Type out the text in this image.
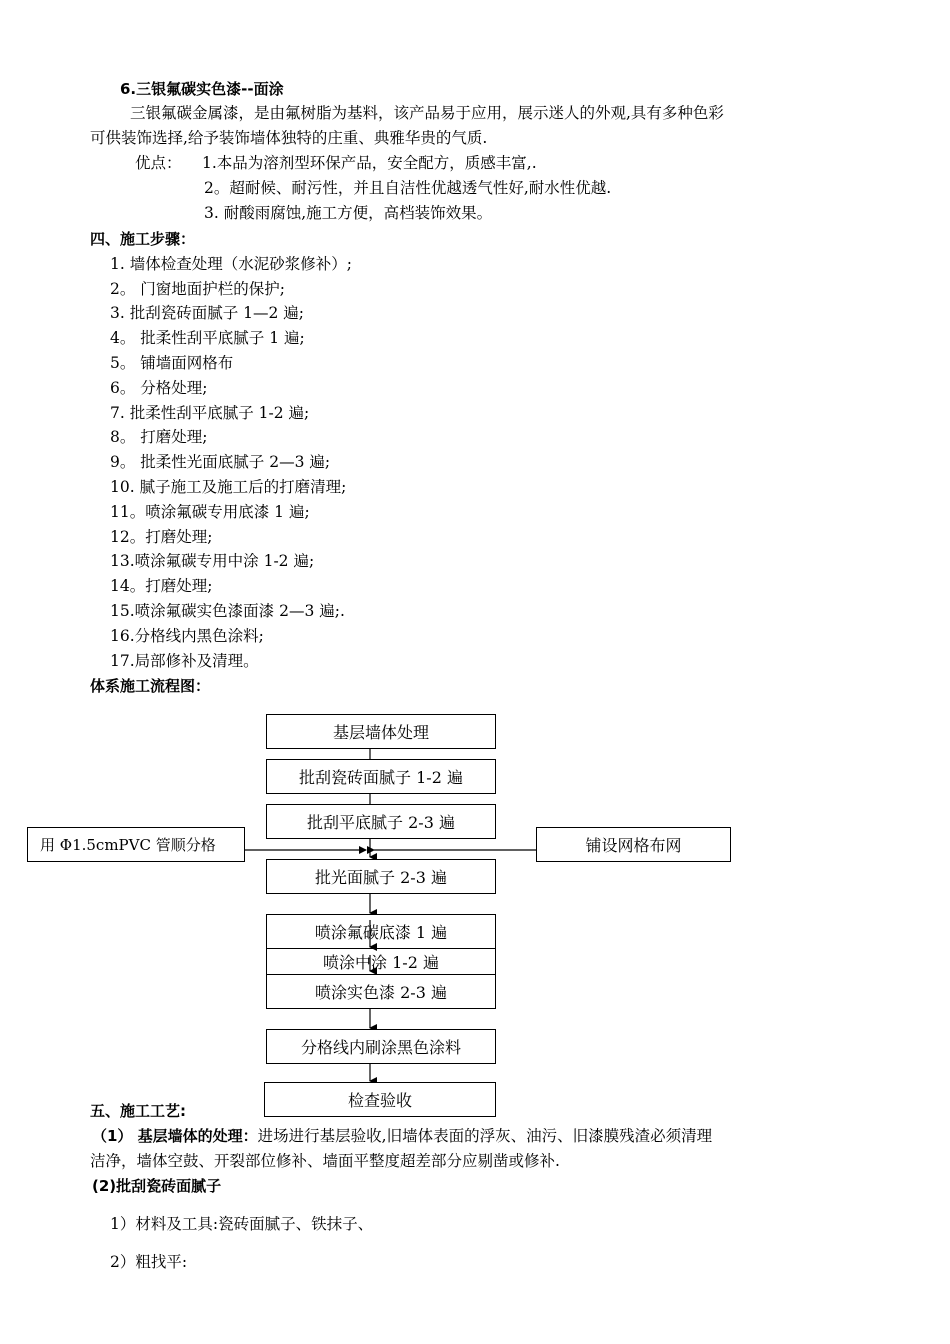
6.三银氟碳实色漆--面涂
三银氟碳金属漆，是由氟树脂为基料，该产品易于应用，展示迷人的外观,具有多种色彩
可供装饰选择,给予装饰墙体独特的庄重、典雅华贵的气质.
优点： 1.本品为溶剂型环保产品，安全配方，质感丰富,.
2。超耐候、耐污性，并且自洁性优越透气性好,耐水性优越.
3. 耐酸雨腐蚀,施工方便，高档装饰效果。
四、施工步骤：
1. 墙体检查处理（水泥砂浆修补）;
2。 门窗地面护栏的保护;
3. 批刮瓷砖面腻子 1—2 遍;
4。 批柔性刮平底腻子 1 遍;
5。 铺墙面网格布
6。 分格处理;
7. 批柔性刮平底腻子 1-2 遍;
8。 打磨处理;
9。 批柔性光面底腻子 2—3 遍;
10. 腻子施工及施工后的打磨清理;
11。喷涂氟碳专用底漆 1 遍;
12。打磨处理;
13.喷涂氟碳专用中涂 1-2 遍;
14。打磨处理;
15.喷涂氟碳实色漆面漆 2—3 遍;.
16.分格线内黑色涂料;
17.局部修补及清理。
体系施工流程图：
基层墙体处理
批刮瓷砖面腻子 1-2 遍
批刮平底腻子 2-3 遍
用 Φ1.5cmPVC 管顺分格	铺设网格布网
批光面腻子 2-3 遍
喷涂氟碳底漆 1 遍
喷涂中涂 1-2 遍
喷涂实色漆 2-3 遍
分格线内刷涂黑色涂料
检查验收
五、施工工艺:
（1） 基层墙体的处理：进场进行基层验收,旧墙体表面的浮灰、油污、旧漆膜残渣必须清理
洁净，墙体空鼓、开裂部位修补、墙面平整度超差部分应剔凿或修补.
(2)批刮瓷砖面腻子
1）材料及工具:瓷砖面腻子、铁抹子、
2）粗找平:
